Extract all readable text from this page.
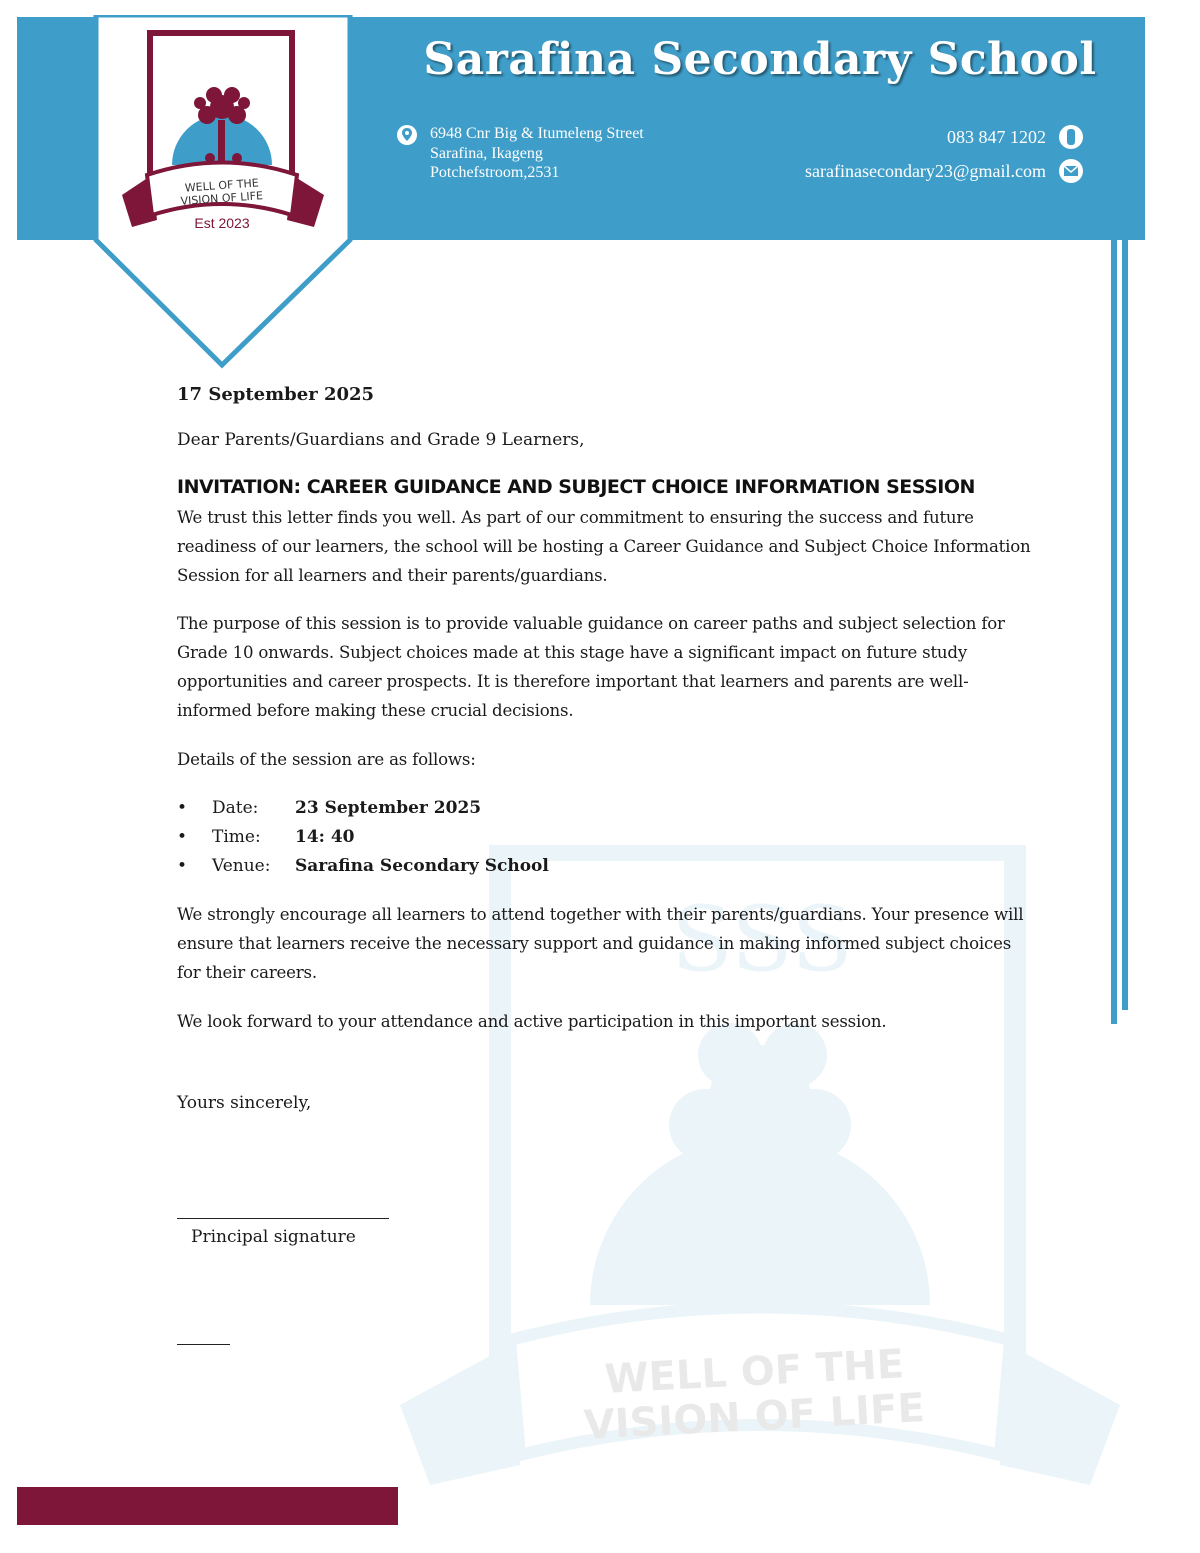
WELL OF THE
VISION OF LIFE
Est 2023
Sarafina Secondary School
6948 Cnr Big & Itumeleng Street
Sarafina, Ikageng
Potchefstroom,2531
083 847 1202
sarafinasecondary23@gmail.com
SSS
WELL OF THE
VISION OF LIFE

17 September 2025

Dear Parents/Guardians and Grade 9 Learners,

INVITATION: CAREER GUIDANCE AND SUBJECT CHOICE INFORMATION SESSION

We trust this letter finds you well. As part of our commitment to ensuring the success and future readiness of our learners, the school will be hosting a Career Guidance and Subject Choice Information Session for all learners and their parents/guardians.

The purpose of this session is to provide valuable guidance on career paths and subject selection for Grade 10 onwards. Subject choices made at this stage have a significant impact on future study opportunities and career prospects. It is therefore important that learners and parents are well-informed before making these crucial decisions.

Details of the session are as follows:

• Date: 23 September 2025
• Time: 14: 40
• Venue: Sarafina Secondary School

We strongly encourage all learners to attend together with their parents/guardians. Your presence will ensure that learners receive the necessary support and guidance in making informed subject choices for their careers.

We look forward to your attendance and active participation in this important session.

Yours sincerely,

Principal signature
